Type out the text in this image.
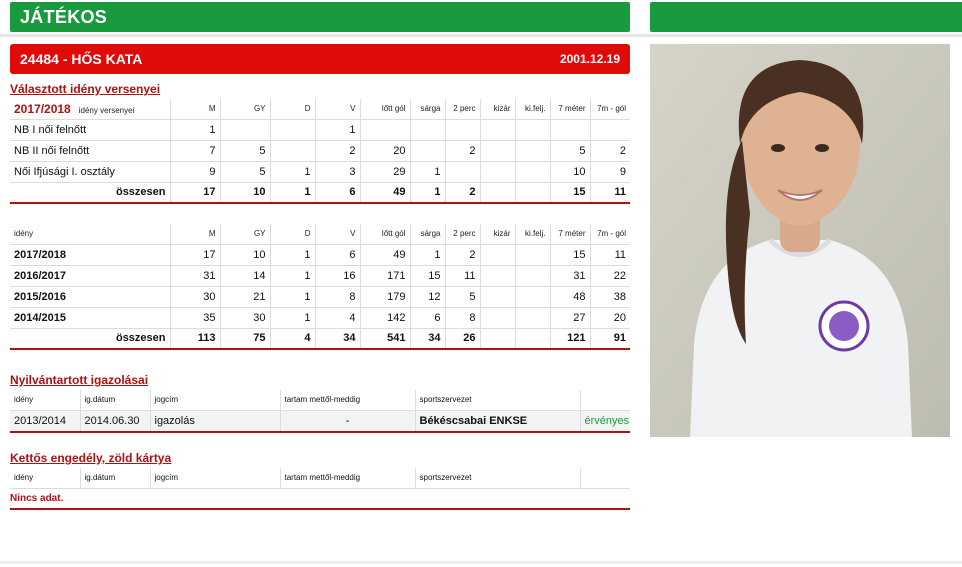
JÁTÉKOS
24484 - HŐS KATA	2001.12.19
Választott idény versenyei
2017/2018 idény versenyei	M	GY	D	V	lőtt gól	sárga	2 perc	kizár	ki.felj.	7 méter	7m - gól
NB I női felnőtt	1			1							
NB II női felnőtt	7	5		2	20		2			5	2
Női Ifjúsági I. osztály	9	5	1	3	29	1				10	9
összesen	17	10	1	6	49	1	2			15	11
idény	M	GY	D	V	lőtt gól	sárga	2 perc	kizár	ki.felj.	7 méter	7m - gól
2017/2018	17	10	1	6	49	1	2			15	11
2016/2017	31	14	1	16	171	15	11			31	22
2015/2016	30	21	1	8	179	12	5			48	38
2014/2015	35	30	1	4	142	6	8			27	20
összesen	113	75	4	34	541	34	26			121	91
Nyilvántartott igazolásai
idény	ig.dátum	jogcím	tartam mettől-meddig	sportszervezet	
2013/2014	2014.06.30	igazolás	-	Békéscsabai ENKSE	érvényes
Kettős engedély, zöld kártya
idény	ig.dátum	jogcím	tartam mettől-meddig	sportszervezet	
Nincs adat.
